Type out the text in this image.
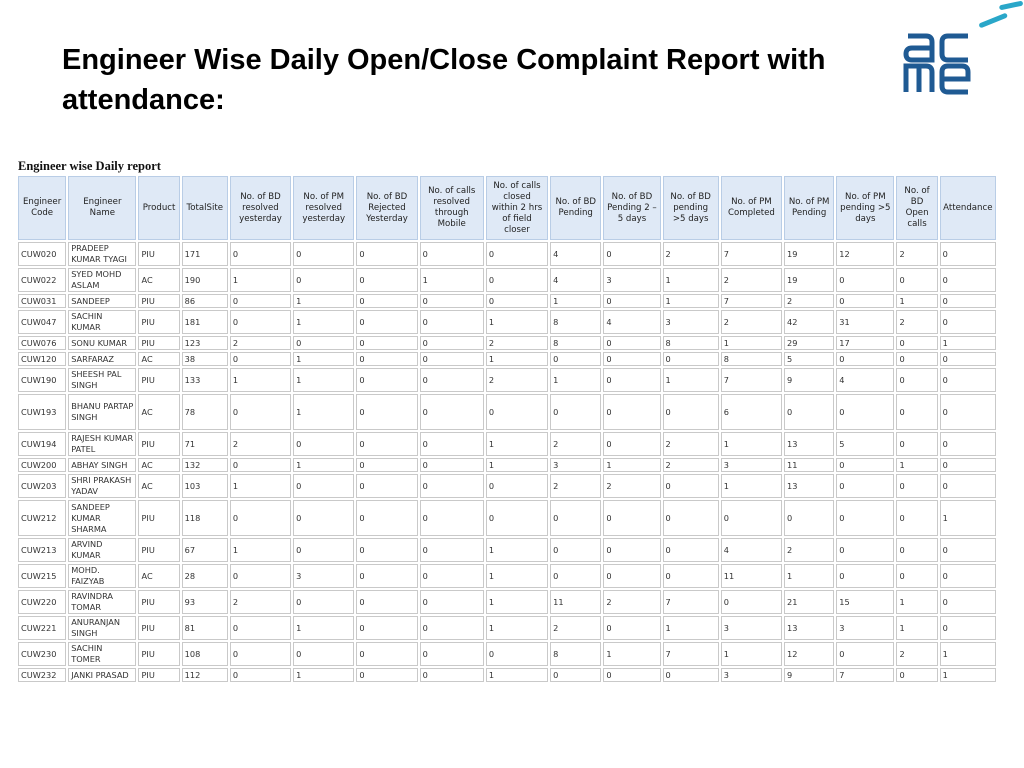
Engineer Wise Daily Open/Close Complaint Report with attendance:
Engineer wise Daily report
Engineer Code	Engineer Name	Product	TotalSite	No. of BD resolved yesterday	No. of PM resolved yesterday	No. of BD Rejected Yesterday	No. of calls resolved through Mobile	No. of calls closed within 2 hrs of field closer	No. of BD Pending	No. of BD Pending 2 – 5 days	No. of BD pending >5 days	No. of PM Completed	No. of PM Pending	No. of PM pending >5 days	No. of BD Open calls	Attendance
CUW020	PRADEEP KUMAR TYAGI	PIU	171	0	0	0	0	0	4	0	2	7	19	12	2	0
CUW022	SYED MOHD ASLAM	AC	190	1	0	0	1	0	4	3	1	2	19	0	0	0
CUW031	SANDEEP	PIU	86	0	1	0	0	0	1	0	1	7	2	0	1	0
CUW047	SACHIN KUMAR	PIU	181	0	1	0	0	1	8	4	3	2	42	31	2	0
CUW076	SONU KUMAR	PIU	123	2	0	0	0	2	8	0	8	1	29	17	0	1
CUW120	SARFARAZ	AC	38	0	1	0	0	1	0	0	0	8	5	0	0	0
CUW190	SHEESH PAL SINGH	PIU	133	1	1	0	0	2	1	0	1	7	9	4	0	0
CUW193	BHANU PARTAP SINGH	AC	78	0	1	0	0	0	0	0	0	6	0	0	0	0
CUW194	RAJESH KUMAR PATEL	PIU	71	2	0	0	0	1	2	0	2	1	13	5	0	0
CUW200	ABHAY SINGH	AC	132	0	1	0	0	1	3	1	2	3	11	0	1	0
CUW203	SHRI PRAKASH YADAV	AC	103	1	0	0	0	0	2	2	0	1	13	0	0	0
CUW212	SANDEEP KUMAR SHARMA	PIU	118	0	0	0	0	0	0	0	0	0	0	0	0	1
CUW213	ARVIND KUMAR	PIU	67	1	0	0	0	1	0	0	0	4	2	0	0	0
CUW215	MOHD. FAIZYAB	AC	28	0	3	0	0	1	0	0	0	11	1	0	0	0
CUW220	RAVINDRA TOMAR	PIU	93	2	0	0	0	1	11	2	7	0	21	15	1	0
CUW221	ANURANJAN SINGH	PIU	81	0	1	0	0	1	2	0	1	3	13	3	1	0
CUW230	SACHIN TOMER	PIU	108	0	0	0	0	0	8	1	7	1	12	0	2	1
CUW232	JANKI PRASAD	PIU	112	0	1	0	0	1	0	0	0	3	9	7	0	1
